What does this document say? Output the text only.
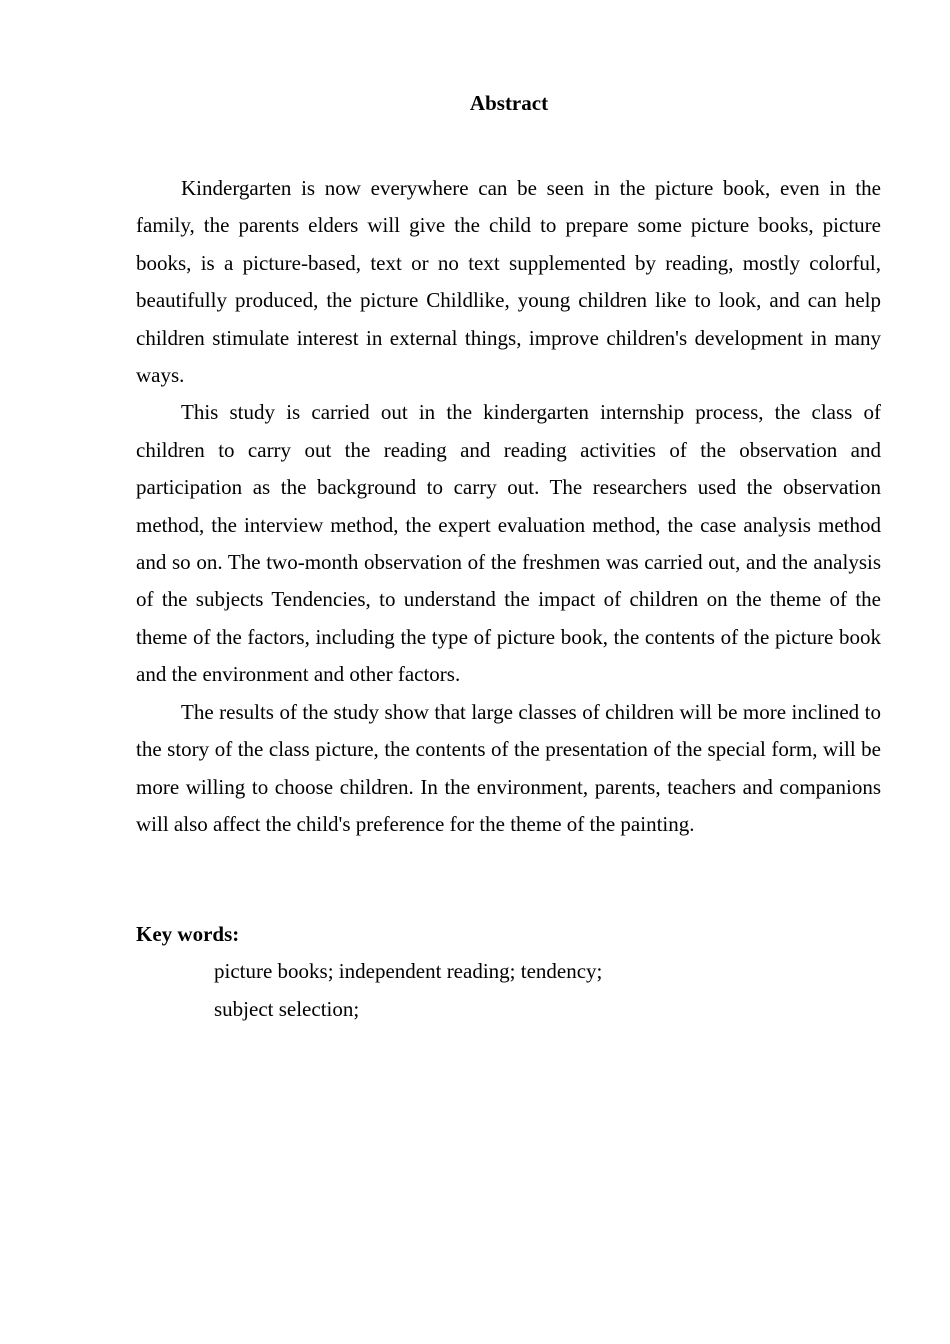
Abstract

Kindergarten is now everywhere can be seen in the picture book, even in the family, the parents elders will give the child to prepare some picture books, picture books, is a picture-based, text or no text supplemented by reading, mostly colorful, beautifully produced, the picture Childlike, young children like to look, and can help children stimulate interest in external things, improve children's development in many ways.

This study is carried out in the kindergarten internship process, the class of children to carry out the reading and reading activities of the observation and participation as the background to carry out. The researchers used the observation method, the interview method, the expert evaluation method, the case analysis method and so on. The two-month observation of the freshmen was carried out, and the analysis of the subjects Tendencies, to understand the impact of children on the theme of the theme of the factors, including the type of picture book, the contents of the picture book and the environment and other factors.

The results of the study show that large classes of children will be more inclined to the story of the class picture, the contents of the presentation of the special form, will be more willing to choose children. In the environment, parents, teachers and companions will also affect the child's preference for the theme of the painting.

Key words:

picture books; independent reading; tendency;

subject selection;
